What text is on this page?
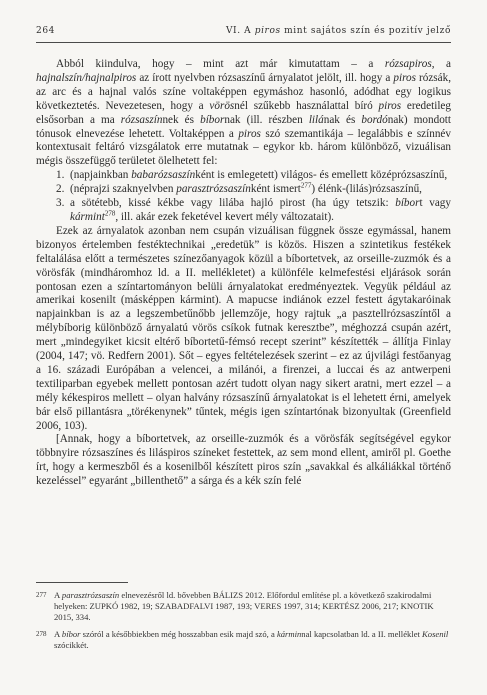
264	VI. A piros mint sajátos szín és pozitív jelző

Abból kiindulva, hogy – mint azt már kimutattam – a rózsapiros, a hajnalszín/hajnalpiros az írott nyelvben rózsaszínű árnyalatot jelölt, ill. hogy a piros rózsák, az arc és a hajnal valós színe voltaképpen egymáshoz hasonló, adódhat egy logikus következtetés. Nevezetesen, hogy a vörösnél szűkebb használattal bíró piros eredetileg elsősorban a ma rózsaszínnek és bíbornak (ill. részben lilának és bordónak) mondott tónusok elnevezése lehetett. Voltaképpen a piros szó szemantikája – legalábbis e színnév kontextusait feltáró vizsgálatok erre mutatnak – egykor kb. három különböző, vizuálisan mégis összefüggő területet ölelhetett fel:

1. (napjainkban babarózsaszínként is emlegetett) világos- és emellett középrózsaszínű,
2. (néprajzi szaknyelvben parasztrózsaszínként ismert$^{277}$) élénk-(lilás)rózsaszínű,
3. a sötétebb, kissé kékbe vagy lilába hajló pirost (ha úgy tetszik: bíbort vagy kármint$^{278}$, ill. akár ezek feketével kevert mély változatait).

Ezek az árnyalatok azonban nem csupán vizuálisan függnek össze egymással, hanem bizonyos értelemben festéktechnikai „eredetük” is közös. Hiszen a szintetikus festékek feltalálása előtt a természetes színezőanyagok közül a bíbortetvek, az orseille-zuzmók és a vörösfák (mindháromhoz ld. a II. mellékletet) a különféle kelmefestési eljárások során pontosan ezen a színtartományon belüli árnyalatokat eredményeztek. Vegyük például az amerikai kosenilt (másképpen kármint). A mapucse indiánok ezzel festett ágytakaróinak napjainkban is az a legszembetűnőbb jellemzője, hogy rajtuk „a pasztellrózsaszíntől a mélybíborig különböző árnyalatú vörös csíkok futnak keresztbe”, méghozzá csupán azért, mert „mindegyiket kicsit eltérő bíbortetű-fémsó recept szerint” készítették – állítja Finlay (2004, 147; vö. Redfern 2001). Sőt – egyes feltételezések szerint – ez az újvilági festőanyag a 16. századi Európában a velencei, a milánói, a firenzei, a luccai és az antwerpeni textiliparban egyebek mellett pontosan azért tudott olyan nagy sikert aratni, mert ezzel – a mély kékespiros mellett – olyan halvány rózsaszínű árnyalatokat is el lehetett érni, amelyek bár első pillantásra „törékenynek” tűntek, mégis igen színtartónak bizonyultak (Greenfield 2006, 103).

[Annak, hogy a bíbortetvek, az orseille-zuzmók és a vörösfák segítségével egykor többnyire rózsaszínes és liláspiros színeket festettek, az sem mond ellent, amiről pl. Goethe írt, hogy a kermeszből és a kosenilből készített piros szín „savakkal és alkáliákkal történő kezeléssel” egyaránt „billenthető” a sárga és a kék szín felé

277 A parasztrózsaszín elnevezésről ld. bővebben BÁLIZS 2012. Előfordul említése pl. a következő szakirodalmi helyeken: ZUPKÓ 1982, 19; SZABADFALVI 1987, 193; VERES 1997, 314; KERTÉSZ 2006, 217; KNOTIK 2015, 334.
278 A bíbor szóról a későbbiekben még hosszabban esik majd szó, a kárminnal kapcsolatban ld. a II. melléklet Kosenil szócikkét.
